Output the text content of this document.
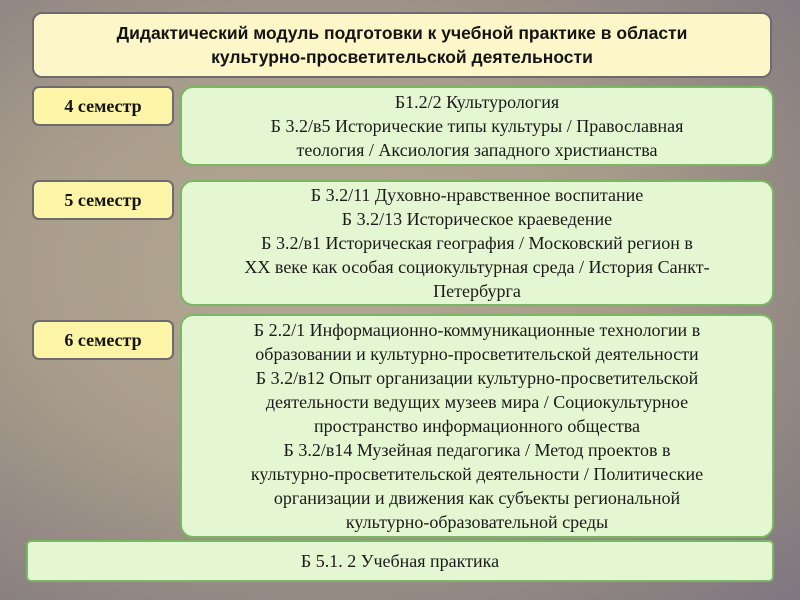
Дидактический модуль подготовки к учебной практике в области
культурно-просветительской деятельности
4 семестр	Б1.2/2 Культурология
Б 3.2/в5 Исторические типы культуры / Православная
теология / Аксиология западного христианства
5 семестр	Б 3.2/11 Духовно-нравственное воспитание
Б 3.2/13 Историческое краеведение
Б 3.2/в1 Историческая география / Московский регион в
XX веке как особая социокультурная среда / История Санкт-
Петербурга
6 семестр	Б 2.2/1 Информационно-коммуникационные технологии в
образовании и культурно-просветительской деятельности
Б 3.2/в12 Опыт организации культурно-просветительской
деятельности ведущих музеев мира / Социокультурное
пространство информационного общества
Б 3.2/в14 Музейная педагогика / Метод проектов в
культурно-просветительской деятельности / Политические
организации и движения как субъекты региональной
культурно-образовательной среды
Б 5.1. 2 Учебная практика
